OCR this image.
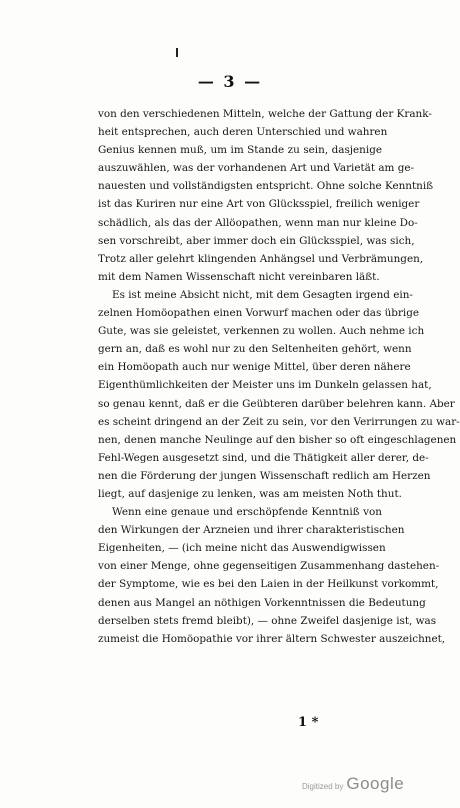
— 3 —
von den verschiedenen Mitteln, welche der Gattung der Krank-
heit entsprechen, auch deren Unterschied und wahren
Genius kennen muß, um im Stande zu sein, dasjenige
auszuwählen, was der vorhandenen Art und Varietät am ge-
nauesten und vollständigsten entspricht. Ohne solche Kenntniß
ist das Kuriren nur eine Art von Glücksspiel, freilich weniger
schädlich, als das der Allöopathen, wenn man nur kleine Do-
sen vorschreibt, aber immer doch ein Glücksspiel, was sich,
Trotz aller gelehrt klingenden Anhängsel und Verbrämungen,
mit dem Namen Wissenschaft nicht vereinbaren läßt.
Es ist meine Absicht nicht, mit dem Gesagten irgend ein-
zelnen Homöopathen einen Vorwurf machen oder das übrige
Gute, was sie geleistet, verkennen zu wollen. Auch nehme ich
gern an, daß es wohl nur zu den Seltenheiten gehört, wenn
ein Homöopath auch nur wenige Mittel, über deren nähere
Eigenthümlichkeiten der Meister uns im Dunkeln gelassen hat,
so genau kennt, daß er die Geübteren darüber belehren kann. Aber
es scheint dringend an der Zeit zu sein, vor den Verirrungen zu war-
nen, denen manche Neulinge auf den bisher so oft eingeschlagenen
Fehl-Wegen ausgesetzt sind, und die Thätigkeit aller derer, de-
nen die Förderung der jungen Wissenschaft redlich am Herzen
liegt, auf dasjenige zu lenken, was am meisten Noth thut.
Wenn eine genaue und erschöpfende Kenntniß von
den Wirkungen der Arzneien und ihrer charakteristischen
Eigenheiten, — (ich meine nicht das Auswendigwissen
von einer Menge, ohne gegenseitigen Zusammenhang dastehen-
der Symptome, wie es bei den Laien in der Heilkunst vorkommt,
denen aus Mangel an nöthigen Vorkenntnissen die Bedeutung
derselben stets fremd bleibt), — ohne Zweifel dasjenige ist, was
zumeist die Homöopathie vor ihrer ältern Schwester auszeichnet,
1 *
Digitized by Google
